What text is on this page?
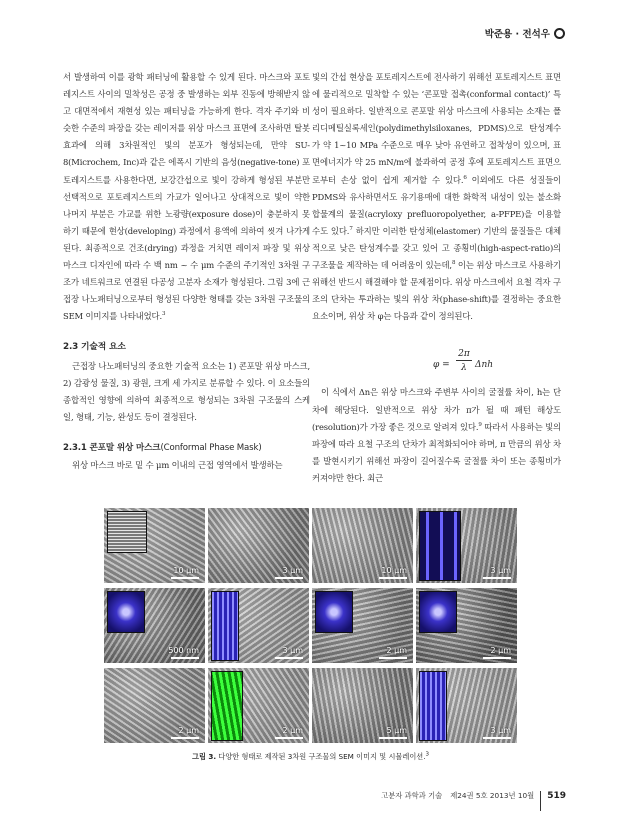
박준용 · 전석우

서 발생하여 이를 광학 패터닝에 활용할 수 있게 된다. 마스크와 포토레지스트 사이의 밀착성은 공정 중 발생하는 외부 진동에 방해받지 않고 대면적에서 재현성 있는 패터닝을 가능하게 한다. 격자 주기와 비슷한 수준의 파장을 갖는 레이저를 위상 마스크 표면에 조사하면 탈봇 효과에 의해 3차원적인 빛의 분포가 형성되는데, 만약 SU-8(Microchem, Inc)과 같은 에폭시 기반의 음성(negative-tone) 포토레지스트를 사용한다면, 보강간섭으로 빛이 강하게 형성된 부분만 선택적으로 포토레지스트의 가교가 일어나고 상대적으로 빛이 약한 나머지 부분은 가교를 위한 노광량(exposure dose)이 충분하지 못하기 때문에 현상(developing) 과정에서 용액에 의하여 씻겨 나가게 된다. 최종적으로 건조(drying) 과정을 거치면 레이저 파장 및 위상 마스크 디자인에 따라 수 백 nm ~ 수 μm 수준의 주기적인 3차원 구조가 네트워크로 연결된 다공성 고분자 소재가 형성된다. 그림 3에 근접장 나노패터닝으로부터 형성된 다양한 형태를 갖는 3차원 구조물의 SEM 이미지를 나타내었다.$^3$

2.3 기술적 요소

근접장 나노패터닝의 중요한 기술적 요소는 1) 콘포말 위상 마스크, 2) 감광성 물질, 3) 광원, 크게 세 가지로 분류할 수 있다. 이 요소들의 종합적인 영향에 의하여 최종적으로 형성되는 3차원 구조물의 스케일, 형태, 기능, 완성도 등이 결정된다.

2.3.1 콘포말 위상 마스크(Conformal Phase Mask)

위상 마스크 바로 밑 수 μm 이내의 근접 영역에서 발생하는

빛의 간섭 현상을 포토레지스트에 전사하기 위해선 포토레지스트 표면에 물리적으로 밀착할 수 있는 ‘콘포말 접촉(conformal contact)’ 특성이 필요하다. 일반적으로 콘포말 위상 마스크에 사용되는 소재는 폴리디메틸실록세인(polydimethylsiloxanes, PDMS)으로 탄성계수가 약 1~10 MPa 수준으로 매우 낮아 유연하고 접착성이 있으며, 표면에너지가 약 25 mN/m에 불과하여 공정 후에 포토레지스트 표면으로부터 손상 없이 쉽게 제거할 수 있다.$^6$ 이외에도 다른 성질들이 PDMS와 유사하면서도 유기용매에 대한 화학적 내성이 있는 불소화합물계의 물질(acryloxy prefluoropolyether, a-PFPE)을 이용할 수도 있다.$^7$ 하지만 이러한 탄성체(elastomer) 기반의 물질들은 대체적으로 낮은 탄성계수를 갖고 있어 고 종횡비(high-aspect-ratio)의 구조물을 제작하는 데 어려움이 있는데,$^8$ 이는 위상 마스크로 사용하기 위해선 반드시 해결해야 할 문제점이다. 위상 마스크에서 요철 격자 구조의 단차는 투과하는 빛의 위상 차(phase-shift)를 결정하는 중요한 요소이며, 위상 차 φ는 다음과 같이 정의된다.

이 식에서 Δn은 위상 마스크와 주변부 사이의 굴절률 차이, h는 단차에 해당된다. 일반적으로 위상 차가 π가 될 때 패턴 해상도(resolution)가 가장 좋은 것으로 알려져 있다.$^9$ 따라서 사용하는 빛의 파장에 따라 요철 구조의 단차가 최적화되어야 하며, π 만큼의 위상 차를 발현시키기 위해선 파장이 길어질수록 굴절률 차이 또는 종횡비가 커져야만 한다. 최근

$\varphi = \frac{2\pi}{\lambda}$ Δnh
10 μm	3 μm	10 μm	3 μm
500 nm	3 μm	2 μm	2 μm
2 μm	2 μm	5 μm	3 μm
그림 3. 다양한 형태로 제작된 3차원 구조물의 SEM 이미지 및 시뮬레이션.$^3$
고분자 과학과 기술 제24권 5호 2013년 10월 519
